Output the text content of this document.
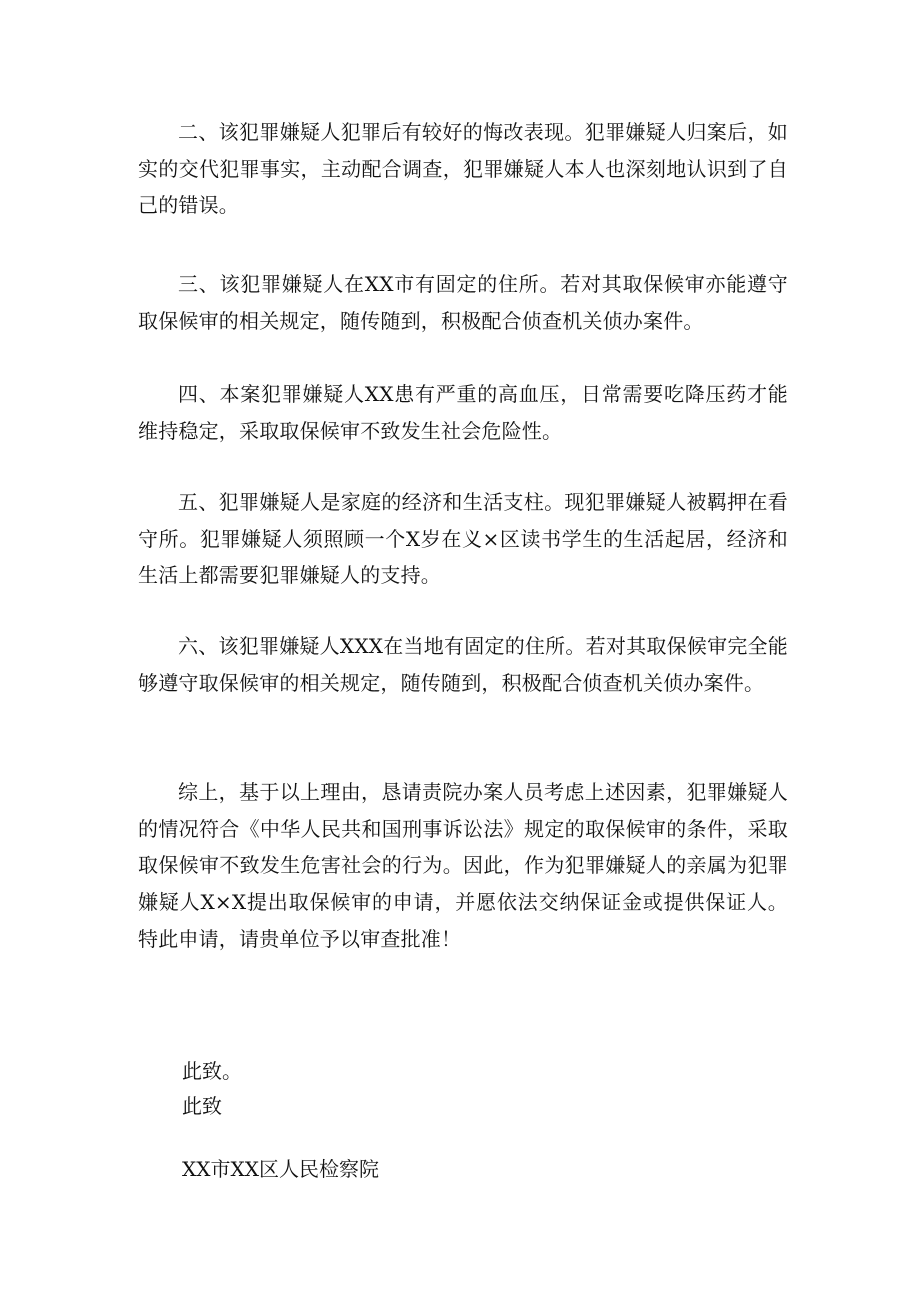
二、该犯罪嫌疑人犯罪后有较好的悔改表现。犯罪嫌疑人归案后，如实的交代犯罪事实，主动配合调查，犯罪嫌疑人本人也深刻地认识到了自己的错误。

三、该犯罪嫌疑人在XX市有固定的住所。若对其取保候审亦能遵守取保候审的相关规定，随传随到，积极配合侦查机关侦办案件。

四、本案犯罪嫌疑人XX患有严重的高血压，日常需要吃降压药才能维持稳定，采取取保候审不致发生社会危险性。

五、犯罪嫌疑人是家庭的经济和生活支柱。现犯罪嫌疑人被羁押在看守所。犯罪嫌疑人须照顾一个X岁在义×区读书学生的生活起居，经济和生活上都需要犯罪嫌疑人的支持。

六、该犯罪嫌疑人XXX在当地有固定的住所。若对其取保候审完全能够遵守取保候审的相关规定，随传随到，积极配合侦查机关侦办案件。

综上，基于以上理由，恳请责院办案人员考虑上述因素，犯罪嫌疑人的情况符合《中华人民共和国刑事诉讼法》规定的取保候审的条件，采取取保候审不致发生危害社会的行为。因此，作为犯罪嫌疑人的亲属为犯罪嫌疑人X×X提出取保候审的申请，并愿依法交纳保证金或提供保证人。特此申请，请贵单位予以审查批准！

此致。

此致

XX市XX区人民检察院
